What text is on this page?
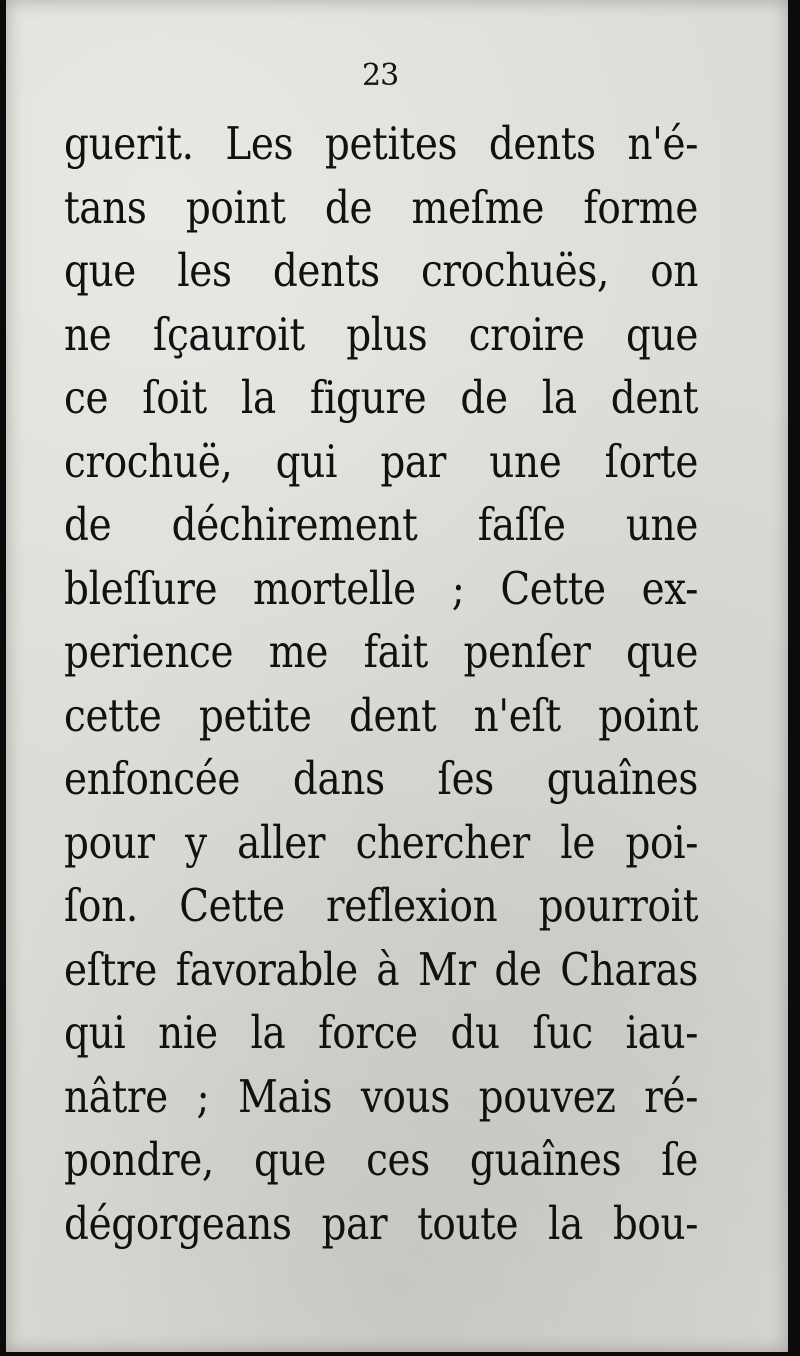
23
guerit. Les petites dents n'é-
tans point de meſme forme
que les dents crochuës, on
ne ſçauroit plus croire que
ce ſoit la figure de la dent
crochuë, qui par une ſorte
de déchirement faſſe une
bleſſure mortelle ; Cette ex-
perience me fait penſer que
cette petite dent n'eſt point
enfoncée dans ſes guaînes
pour y aller chercher le poi-
ſon. Cette reflexion pourroit
eſtre favorable à Mr de Charas
qui nie la force du ſuc iau-
nâtre ; Mais vous pouvez ré-
pondre, que ces guaînes ſe
dégorgeans par toute la bou-
